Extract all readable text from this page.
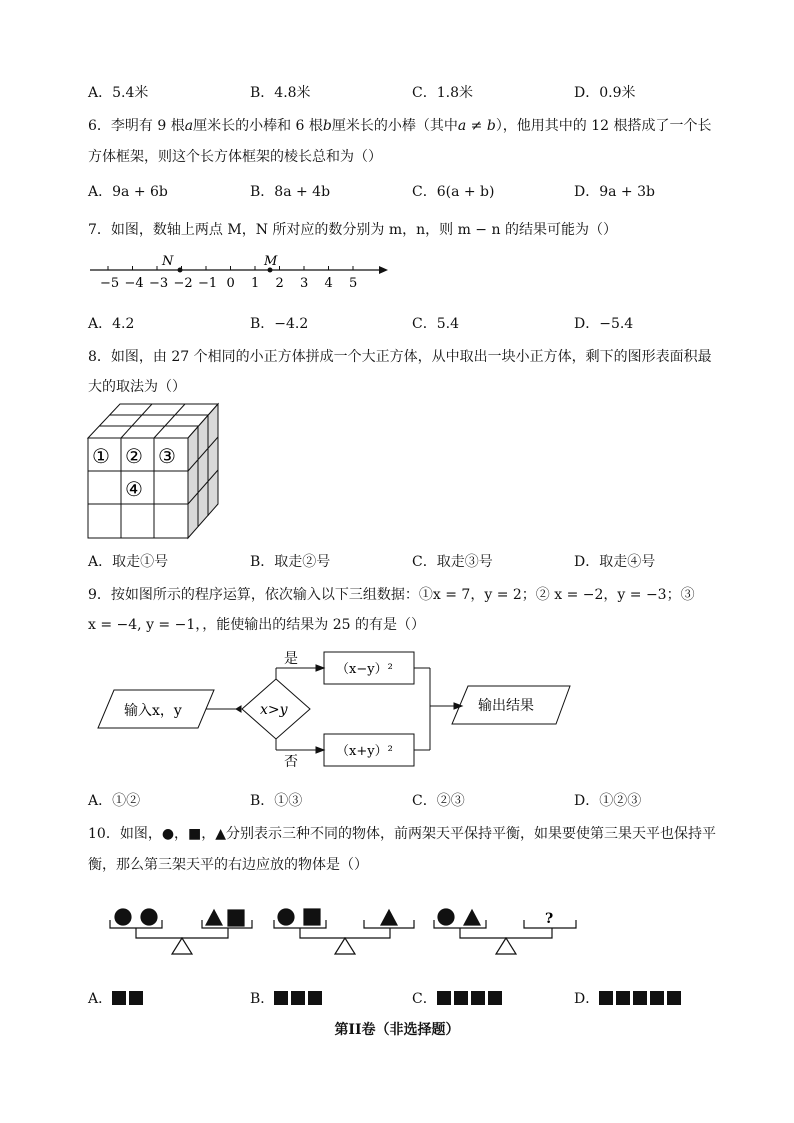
A．5.4米	B．4.8米	C．1.8米	D．0.9米
6．李明有 9 根a厘米长的小棒和 6 根b厘米长的小棒（其中a ≠ b），他用其中的 12 根搭成了一个长
方体框架，则这个长方体框架的棱长总和为（）
A．9a + 6b	B．8a + 4b	C．6(a + b)	D．9a + 3b
7．如图，数轴上两点 M，N 所对应的数分别为 m，n，则 m − n 的结果可能为（）
−5 −4 −3 −2 −1 0 1 2 3 4 5
N	M
A．4.2	B．−4.2	C．5.4	D．−5.4
8．如图，由 27 个相同的小正方体拼成一个大正方体，从中取出一块小正方体，剩下的图形表面积最
大的取法为（）
① ② ③
④
A．取走①号	B．取走②号	C．取走③号	D．取走④号
9．按如图所示的程序运算，依次输入以下三组数据：①x = 7，y = 2；② x = −2，y = −3；③
x = −4, y = −1，，能使输出的结果为 25 的有是（）
输入x，y	x>y
是
否
（x−y）²
（x+y）²
输出结果
A．①②	B．①③	C．②③	D．①②③
10．如图，●，■，▲分别表示三种不同的物体，前两架天平保持平衡，如果要使第三果天平也保持平
衡，那么第三架天平的右边应放的物体是（）
?
A．	B．	C．	D．
第II卷（非选择题）
